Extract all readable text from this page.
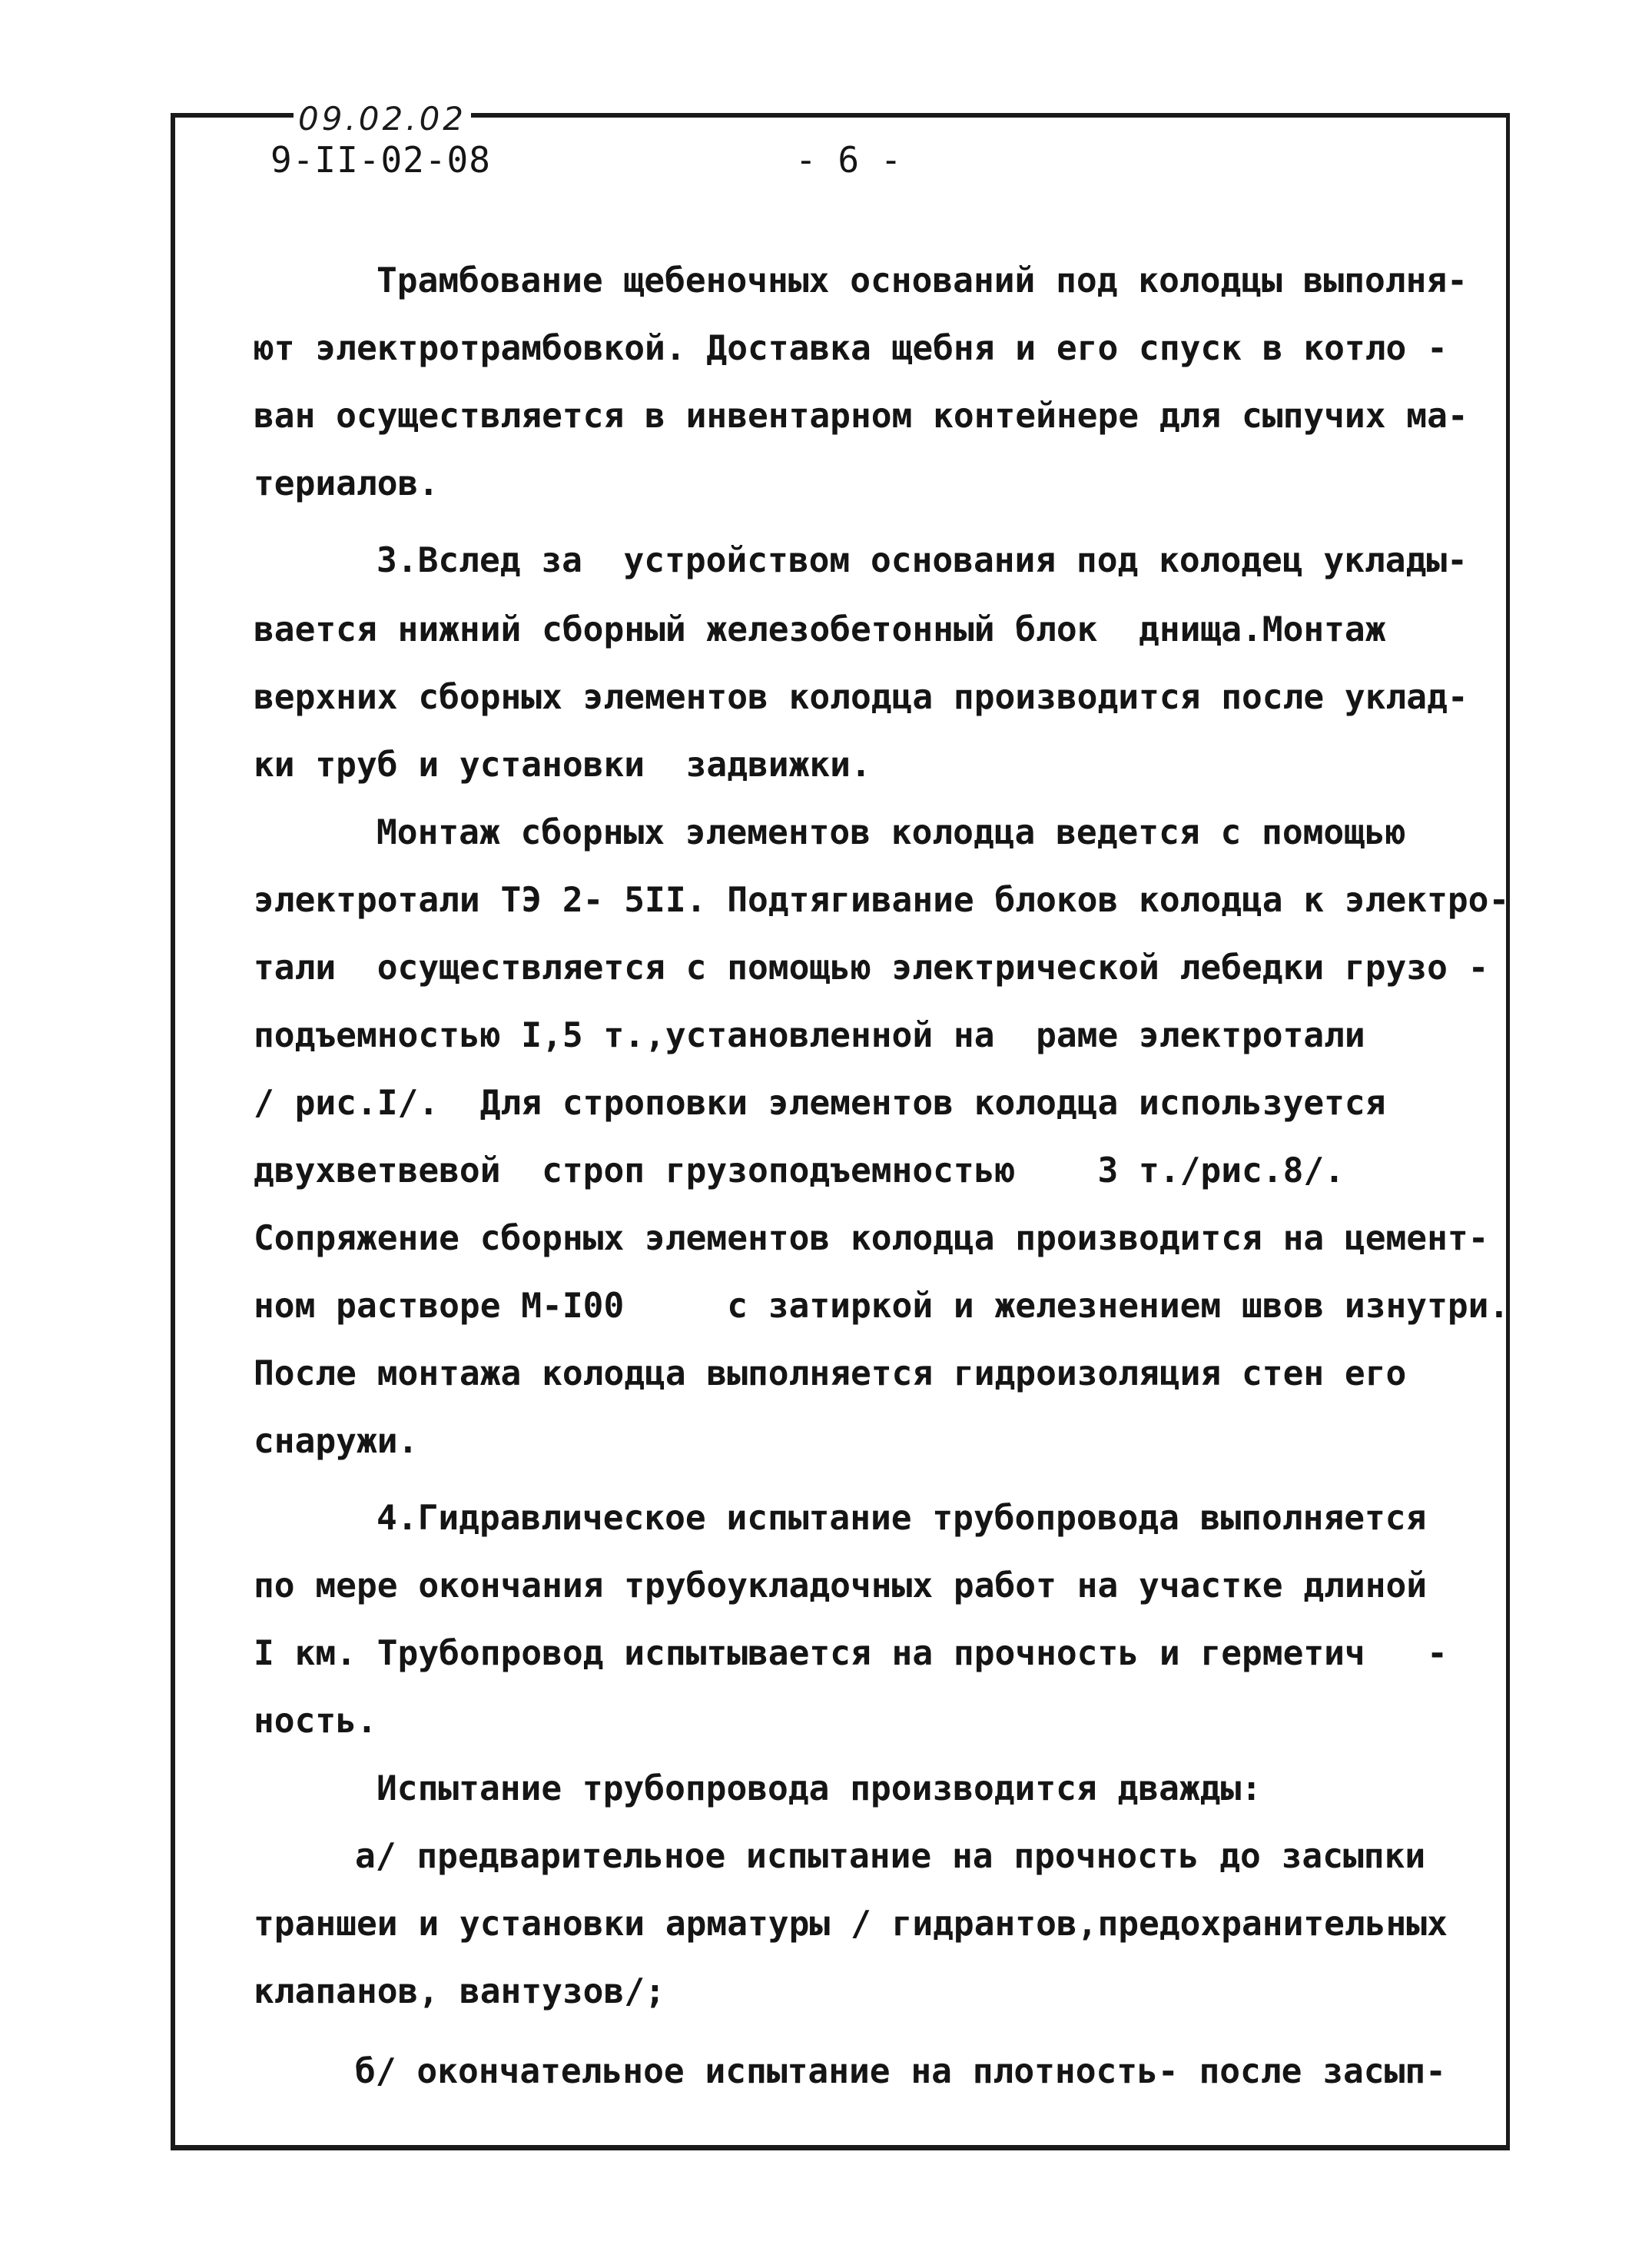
09.02.02
9-II-02-08	- 6 -
Трамбование щебеночных оснований под колодцы выполня-
ют электротрамбовкой. Доставка щебня и его спуск в котло -
ван осуществляется в инвентарном контейнере для сыпучих ма-
териалов.
3.Вслед за  устройством основания под колодец уклады-
вается нижний сборный железобетонный блок  днища.Монтаж
верхних сборных элементов колодца производится после уклад-
ки труб и установки  задвижки.
Монтаж сборных элементов колодца ведется с помощью
электротали ТЭ 2- 5II. Подтягивание блоков колодца к электро-
тали  осуществляется с помощью электрической лебедки грузо -
подъемностью I,5 т.,установленной на  раме электротали
/ рис.I/.  Для строповки элементов колодца используется
двухветвевой  строп грузоподъемностью    3 т./рис.8/.
Сопряжение сборных элементов колодца производится на цемент-
ном растворе М-I00     с затиркой и железнением швов изнутри.
После монтажа колодца выполняется гидроизоляция стен его
снаружи.
4.Гидравлическое испытание трубопровода выполняется
по мере окончания трубоукладочных работ на участке длиной
I км. Трубопровод испытывается на прочность и герметич   -
ность.
Испытание трубопровода производится дважды:
а/ предварительное испытание на прочность до засыпки
траншеи и установки арматуры / гидрантов,предохранительных
клапанов, вантузов/;
б/ окончательное испытание на плотность- после засып-
